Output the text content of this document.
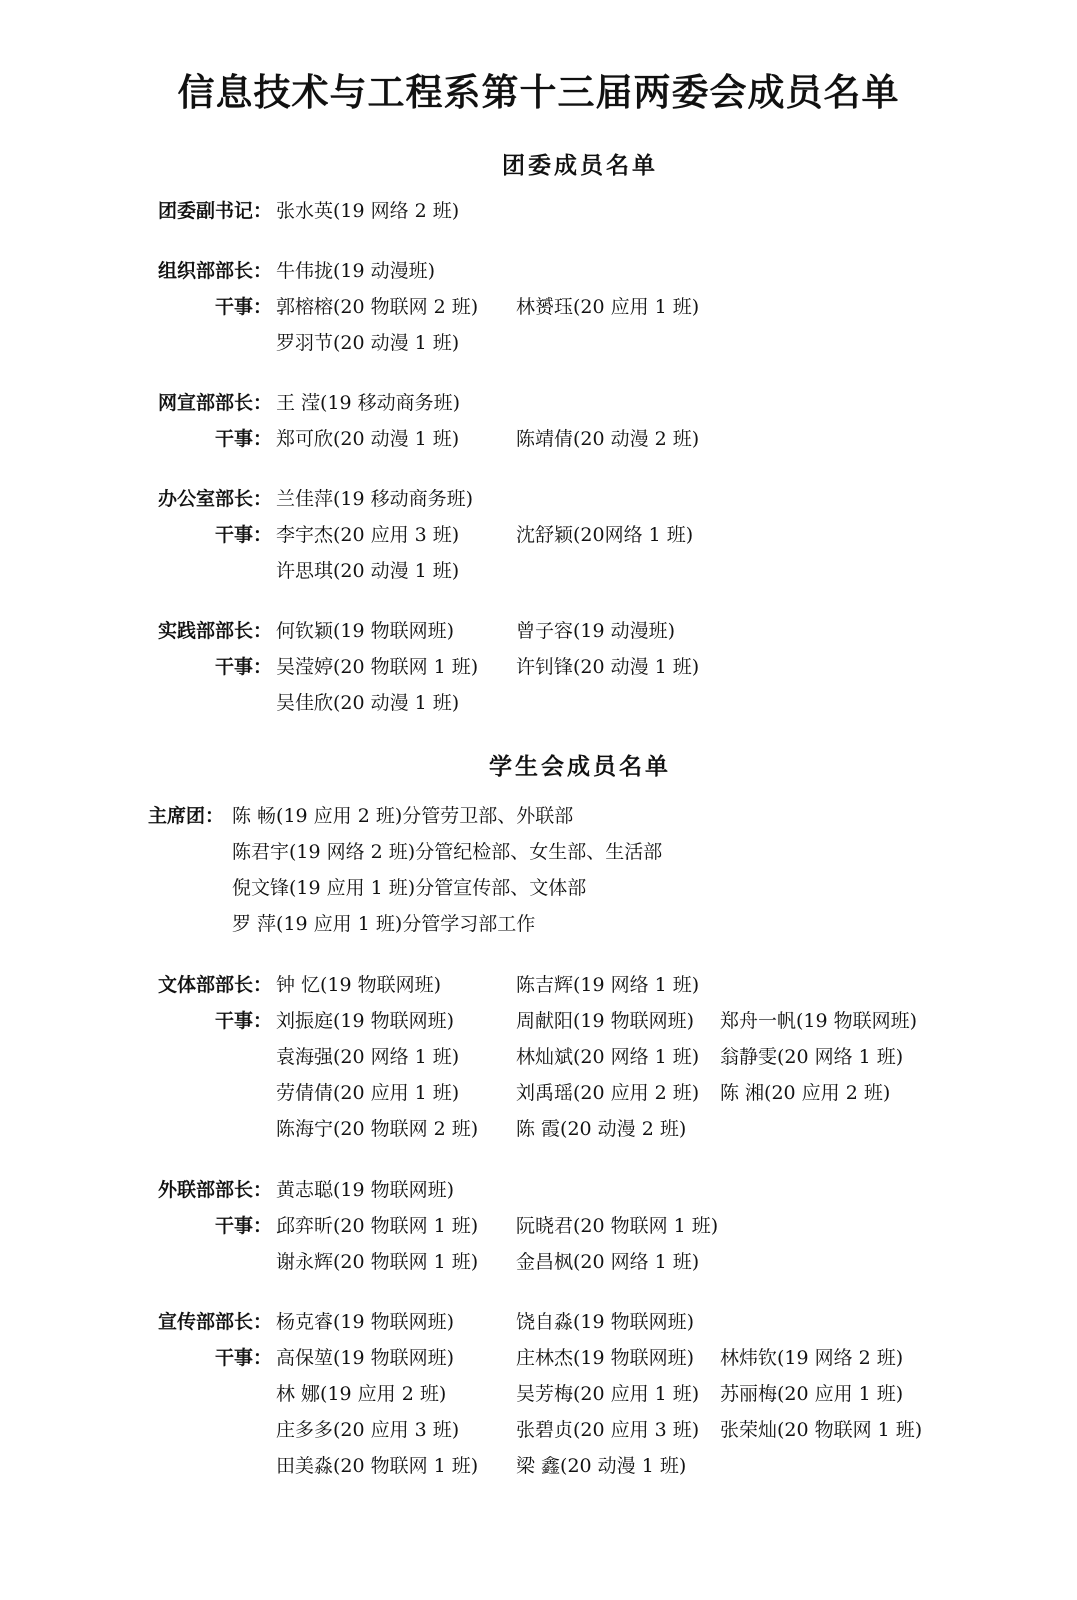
信息技术与工程系第十三届两委会成员名单
团委成员名单
团委副书记： 张水英(19 网络 2 班)
组织部部长： 牛伟拢(19 动漫班)
干事： 郭榕榕(20 物联网 2 班) 林赟珏(20 应用 1 班)
罗羽节(20 动漫 1 班)
网宣部部长： 王 滢(19 移动商务班)
干事： 郑可欣(20 动漫 1 班)	陈靖倩(20 动漫 2 班)
办公室部长： 兰佳萍(19 移动商务班)
干事： 李宇杰(20 应用 3 班)	沈舒颖(20网络 1 班)
许思琪(20 动漫 1 班)
实践部部长： 何钦颖(19 物联网班)	曾子容(19 动漫班)
干事： 吴滢婷(20 物联网 1 班) 许钊锋(20 动漫 1 班)
吴佳欣(20 动漫 1 班)
学生会成员名单
主席团： 陈 畅(19 应用 2 班)分管劳卫部、外联部
陈君宇(19 网络 2 班)分管纪检部、女生部、生活部
倪文锋(19 应用 1 班)分管宣传部、文体部
罗 萍(19 应用 1 班)分管学习部工作
文体部部长： 钟 忆(19 物联网班)	陈吉辉(19 网络 1 班)
干事： 刘振庭(19 物联网班)	周献阳(19 物联网班) 郑舟一帆(19 物联网班)
袁海强(20 网络 1 班)	林灿斌(20 网络 1 班) 翁静雯(20 网络 1 班)
劳倩倩(20 应用 1 班)	刘禹瑶(20 应用 2 班) 陈 湘(20 应用 2 班)
陈海宁(20 物联网 2 班) 陈 霞(20 动漫 2 班)
外联部部长： 黄志聪(19 物联网班)
干事： 邱弈昕(20 物联网 1 班) 阮晓君(20 物联网 1 班)
谢永辉(20 物联网 1 班) 金昌枫(20 网络 1 班)
宣传部部长： 杨克睿(19 物联网班)	饶自淼(19 物联网班)
干事： 高保堃(19 物联网班)	庄林杰(19 物联网班) 林炜钦(19 网络 2 班)
林 娜(19 应用 2 班)	吴芳梅(20 应用 1 班) 苏丽梅(20 应用 1 班)
庄多多(20 应用 3 班)	张碧贞(20 应用 3 班) 张荣灿(20 物联网 1 班)
田美淼(20 物联网 1 班) 梁 鑫(20 动漫 1 班)
